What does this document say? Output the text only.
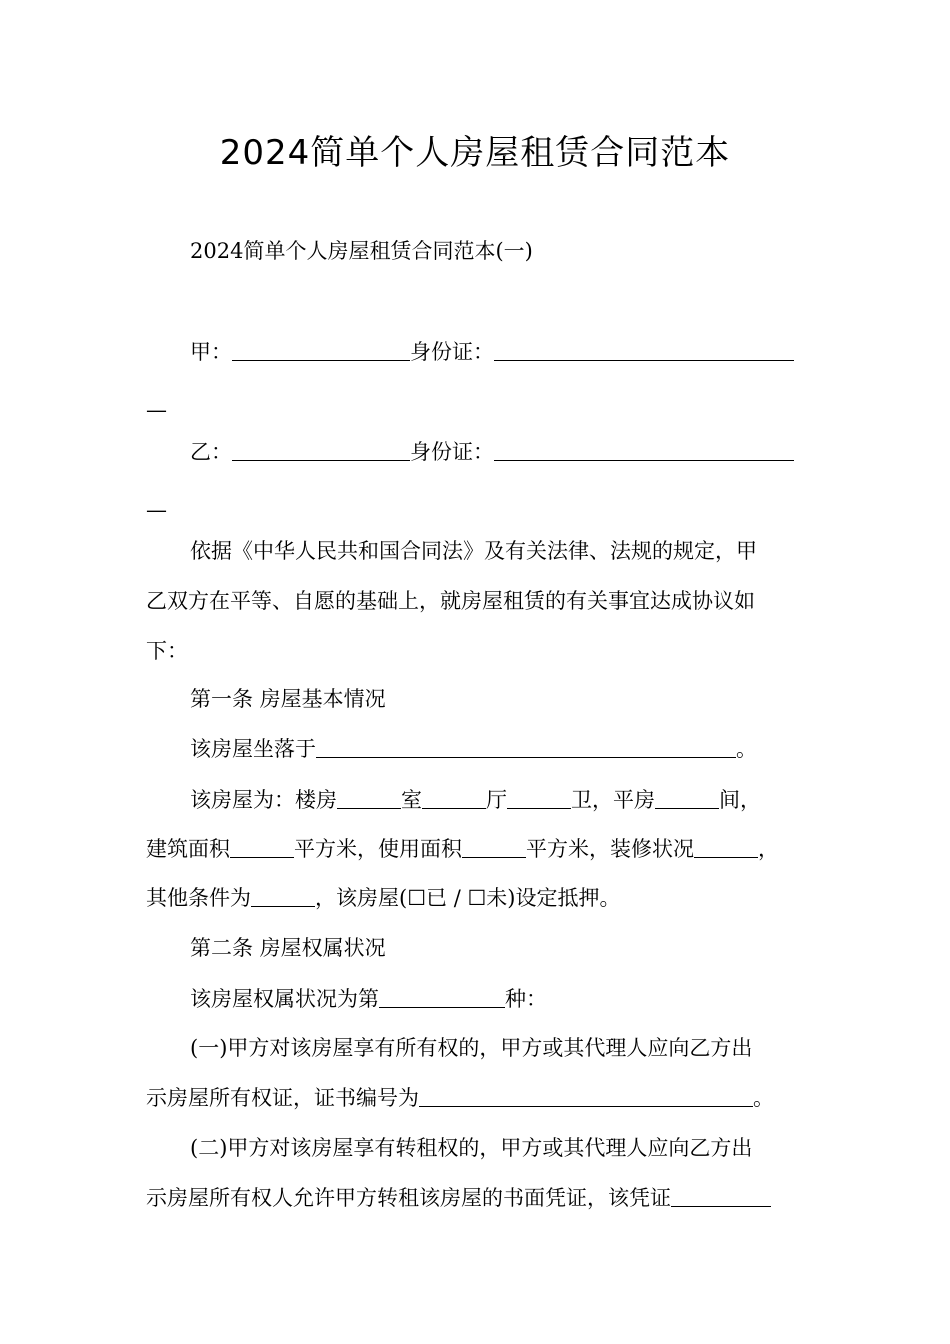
2024简单个人房屋租赁合同范本

2024简单个人房屋租赁合同范本(一)

甲：	身份证：

—

乙：	身份证：

—

依据《中华人民共和国合同法》及有关法律、法规的规定，甲

乙双方在平等、自愿的基础上，就房屋租赁的有关事宜达成协议如

下：

第一条 房屋基本情况

该房屋坐落于	。

该房屋为：楼房	室	厅	卫，平房	间，

建筑面积	平方米，使用面积	平方米，装修状况	，

其他条件为	，该房屋(☐已 / ☐未)设定抵押。

第二条 房屋权属状况

该房屋权属状况为第	种：

(一)甲方对该房屋享有所有权的，甲方或其代理人应向乙方出

示房屋所有权证，证书编号为	。

(二)甲方对该房屋享有转租权的，甲方或其代理人应向乙方出

示房屋所有权人允许甲方转租该房屋的书面凭证，该凭证
